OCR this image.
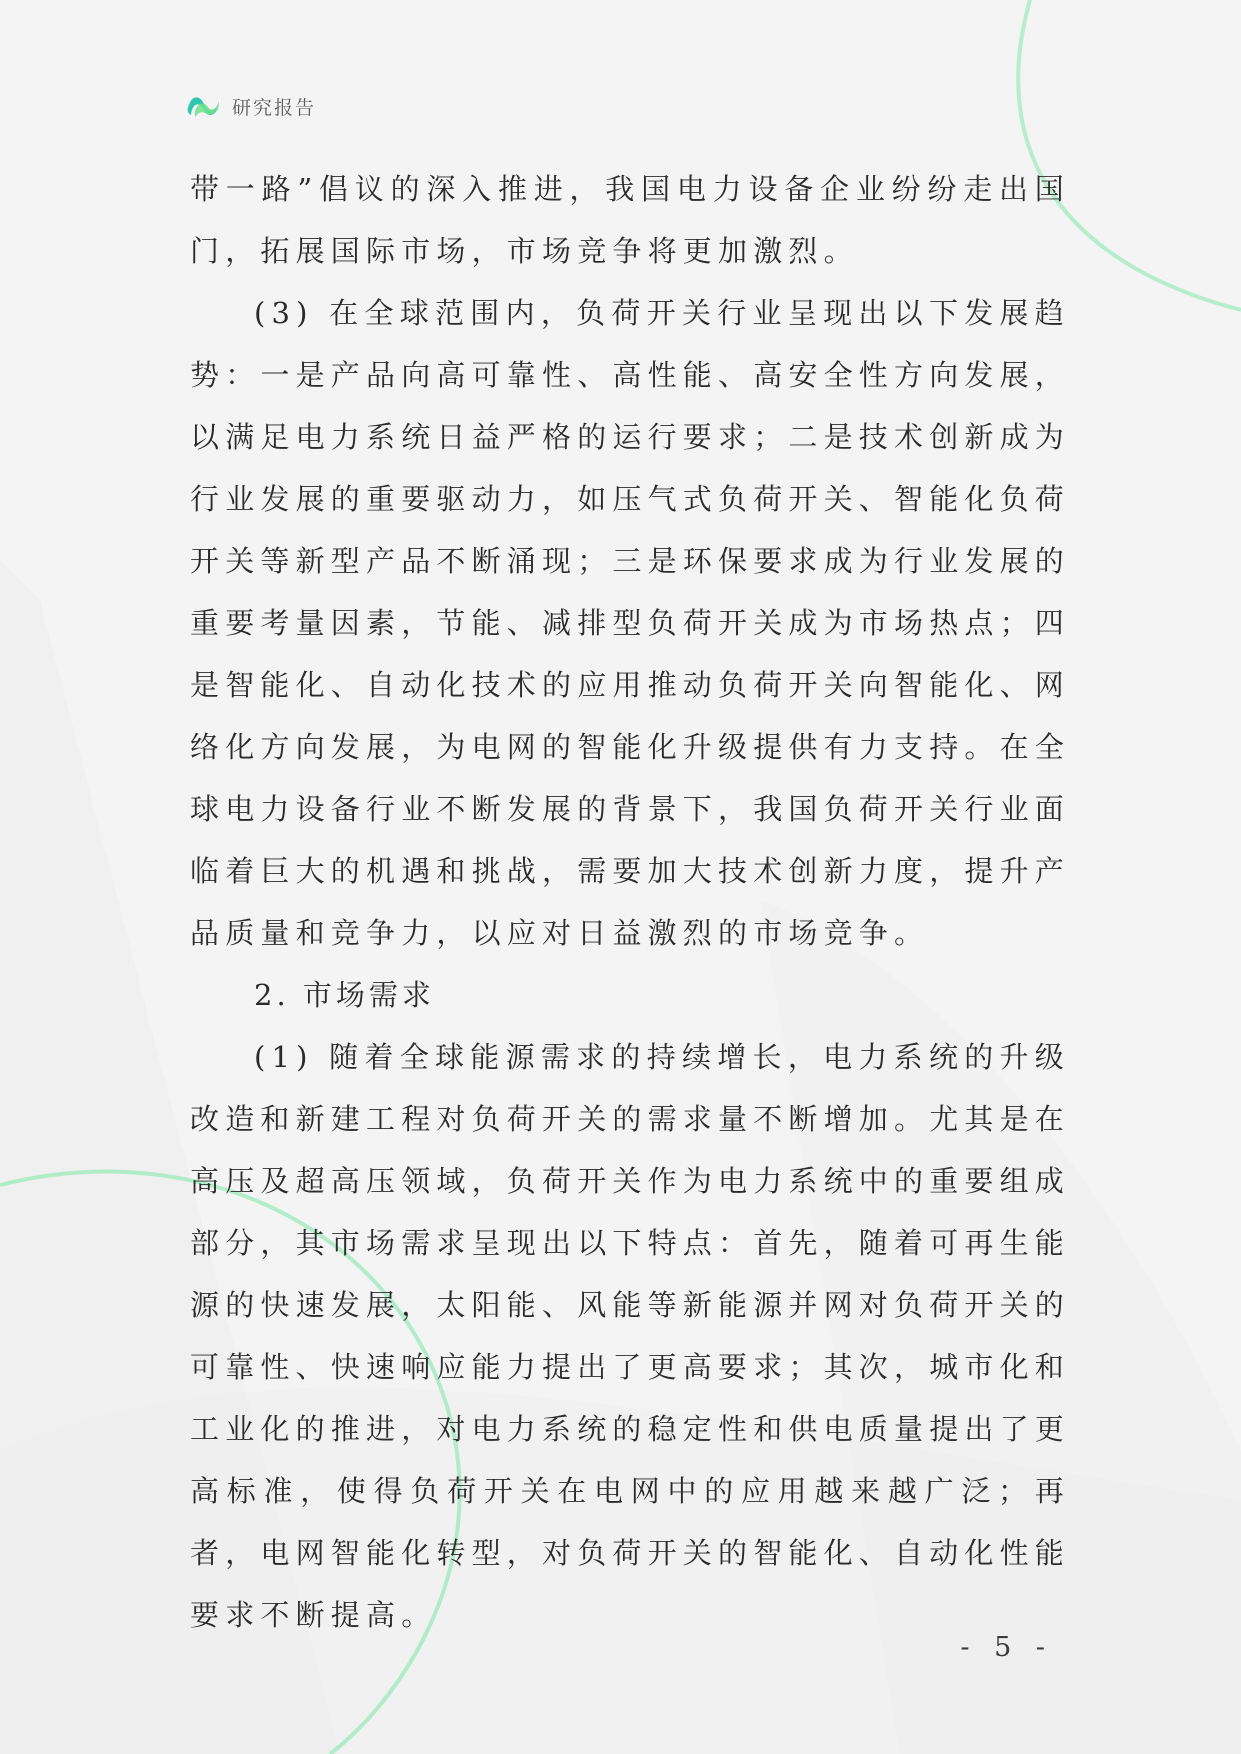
研究报告

带一路”倡议的深入推进，我国电力设备企业纷纷走出国门，拓展国际市场，市场竞争将更加激烈。

(3) 在全球范围内，负荷开关行业呈现出以下发展趋势：一是产品向高可靠性、高性能、高安全性方向发展，以满足电力系统日益严格的运行要求；二是技术创新成为行业发展的重要驱动力，如压气式负荷开关、智能化负荷开关等新型产品不断涌现；三是环保要求成为行业发展的重要考量因素，节能、减排型负荷开关成为市场热点；四是智能化、自动化技术的应用推动负荷开关向智能化、网络化方向发展，为电网的智能化升级提供有力支持。在全球电力设备行业不断发展的背景下，我国负荷开关行业面临着巨大的机遇和挑战，需要加大技术创新力度，提升产品质量和竞争力，以应对日益激烈的市场竞争。

2. 市场需求

(1) 随着全球能源需求的持续增长，电力系统的升级改造和新建工程对负荷开关的需求量不断增加。尤其是在高压及超高压领域，负荷开关作为电力系统中的重要组成部分，其市场需求呈现出以下特点：首先，随着可再生能源的快速发展，太阳能、风能等新能源并网对负荷开关的可靠性、快速响应能力提出了更高要求；其次，城市化和工业化的推进，对电力系统的稳定性和供电质量提出了更高标准，使得负荷开关在电网中的应用越来越广泛；再者，电网智能化转型，对负荷开关的智能化、自动化性能要求不断提高。

- 5 -
